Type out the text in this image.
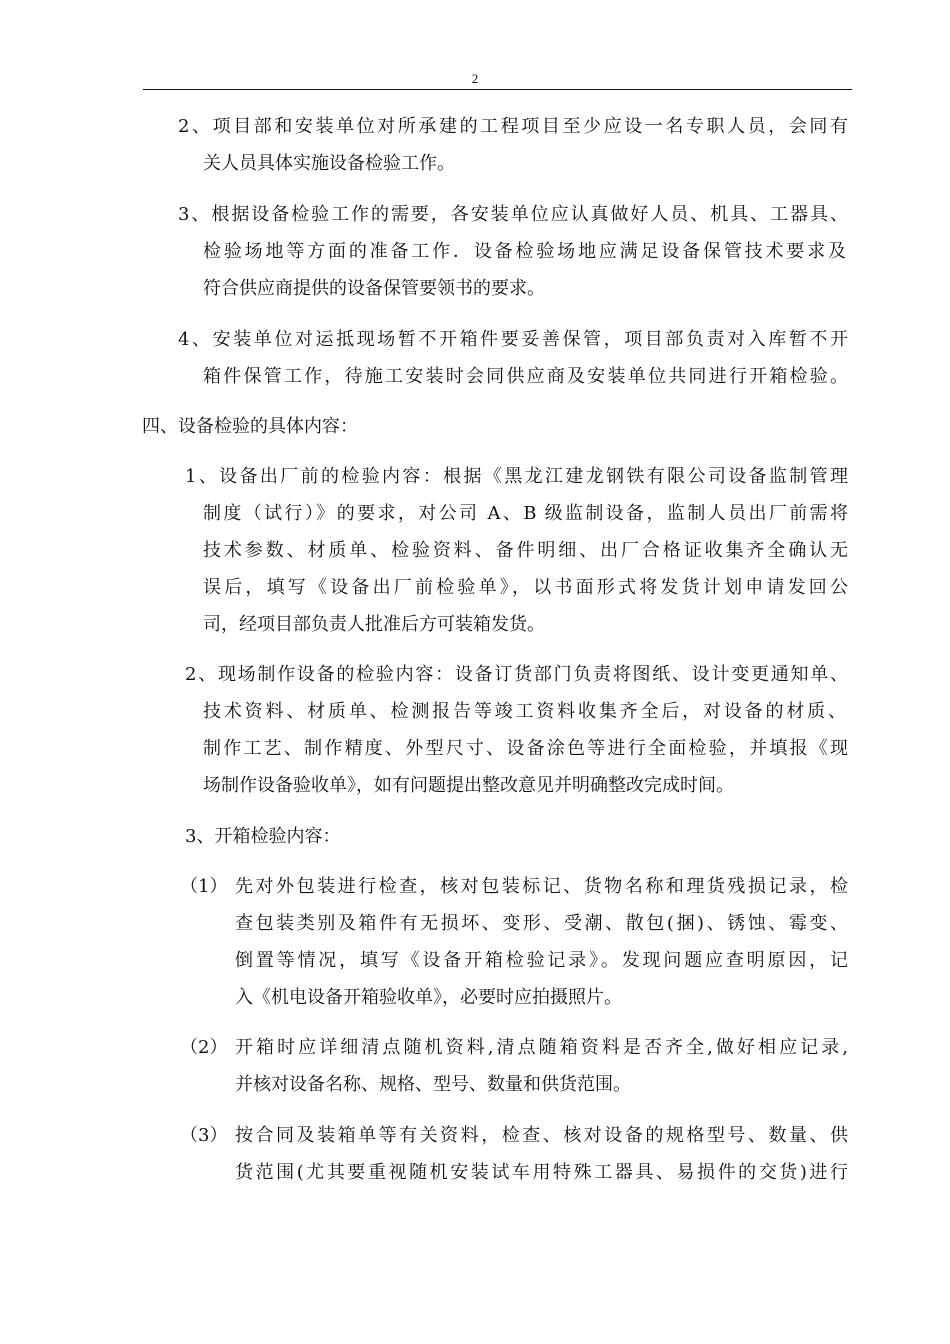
2
2、项目部和安装单位对所承建的工程项目至少应设一名专职人员，会同有
关人员具体实施设备检验工作。
3、根据设备检验工作的需要，各安装单位应认真做好人员、机具、工器具、
检验场地等方面的准备工作．设备检验场地应满足设备保管技术要求及
符合供应商提供的设备保管要领书的要求。
4、安装单位对运抵现场暂不开箱件要妥善保管，项目部负责对入库暂不开
箱件保管工作，待施工安装时会同供应商及安装单位共同进行开箱检验。
四、设备检验的具体内容：
1、设备出厂前的检验内容：根据《黑龙江建龙钢铁有限公司设备监制管理
制度（试行）》的要求，对公司 A、B 级监制设备，监制人员出厂前需将
技术参数、材质单、检验资料、备件明细、出厂合格证收集齐全确认无
误后，填写《设备出厂前检验单》，以书面形式将发货计划申请发回公
司，经项目部负责人批准后方可装箱发货。
2、现场制作设备的检验内容：设备订货部门负责将图纸、设计变更通知单、
技术资料、材质单、检测报告等竣工资料收集齐全后，对设备的材质、
制作工艺、制作精度、外型尺寸、设备涂色等进行全面检验，并填报《现
场制作设备验收单》，如有问题提出整改意见并明确整改完成时间。
3、开箱检验内容：
（1） 先对外包装进行检查，核对包装标记、货物名称和理货残损记录，检
查包装类别及箱件有无损坏、变形、受潮、散包(捆)、锈蚀、霉变、
倒置等情况，填写《设备开箱检验记录》。发现问题应查明原因，记
入《机电设备开箱验收单》，必要时应拍摄照片。
（2） 开箱时应详细清点随机资料,清点随箱资料是否齐全,做好相应记录,
并核对设备名称、规格、型号、数量和供货范围。
（3） 按合同及装箱单等有关资料，检查、核对设备的规格型号、数量、供
货范围(尤其要重视随机安装试车用特殊工器具、易损件的交货)进行
